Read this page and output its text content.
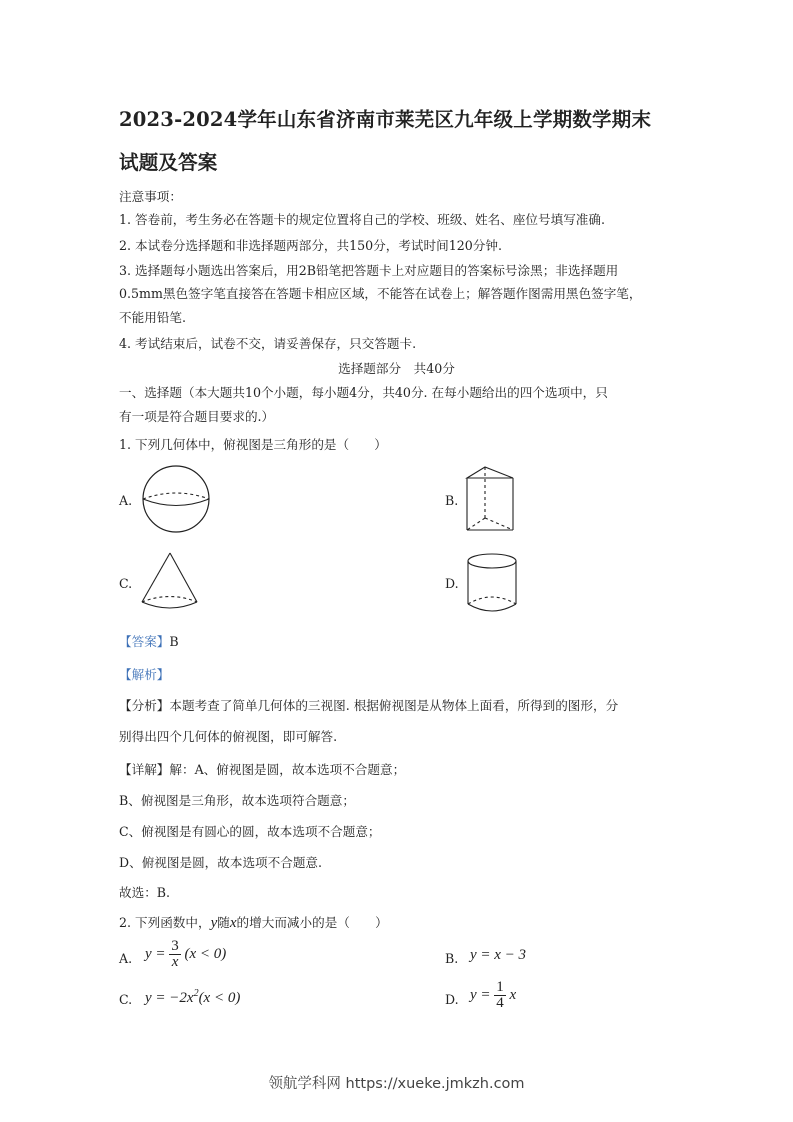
2023-2024学年山东省济南市莱芜区九年级上学期数学期末
试题及答案
注意事项：
1. 答卷前，考生务必在答题卡的规定位置将自己的学校、班级、姓名、座位号填写准确.
2. 本试卷分选择题和非选择题两部分，共150分，考试时间120分钟.
3. 选择题每小题选出答案后，用2B铅笔把答题卡上对应题目的答案标号涂黑；非选择题用
0.5mm黑色签字笔直接答在答题卡相应区域，不能答在试卷上；解答题作图需用黑色签字笔，
不能用铅笔.
4. 考试结束后，试卷不交，请妥善保存，只交答题卡.
选择题部分　共40分
一、选择题（本大题共10个小题，每小题4分，共40分. 在每小题给出的四个选项中，只
有一项是符合题目要求的.）
1. 下列几何体中，俯视图是三角形的是（　　）
A.	B.
C.	D.
【答案】B
【解析】
【分析】本题考查了简单几何体的三视图. 根据俯视图是从物体上面看，所得到的图形，分
别得出四个几何体的俯视图，即可解答.
【详解】解：A、俯视图是圆，故本选项不合题意；
B、俯视图是三角形，故本选项符合题意；
C、俯视图是有圆心的圆，故本选项不合题意；
D、俯视图是圆，故本选项不合题意.
故选：B.
2. 下列函数中，y随x的增大而减小的是（　　）
A. $y = \frac{3}{x} (x < 0)$	B. y = x − 3
C. $y = -2x^2(x < 0)$	D. $y = \frac{1}{4}$ x
领航学科网 https://xueke.jmkzh.com
